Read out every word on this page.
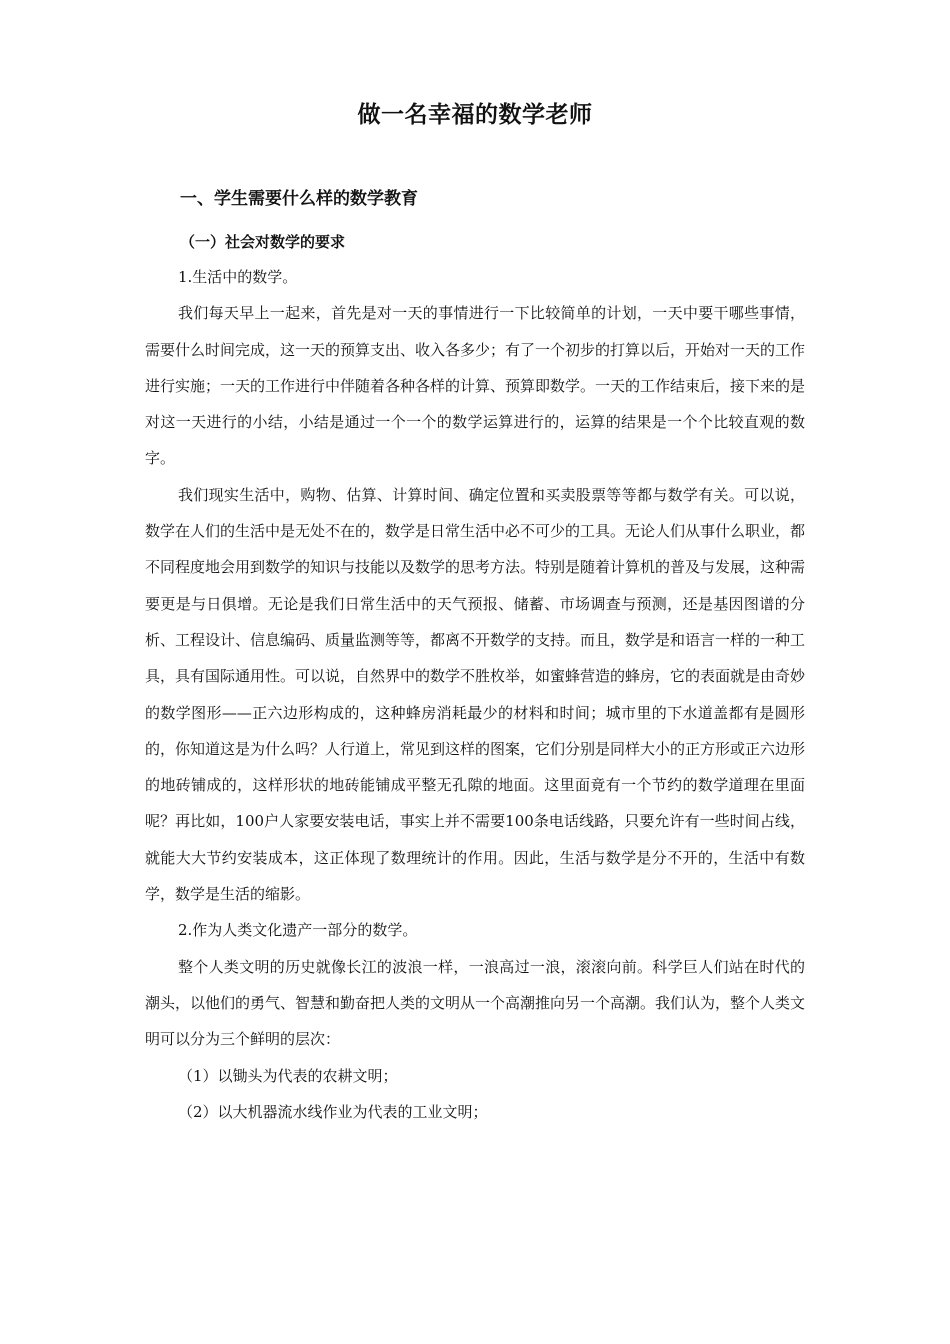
做一名幸福的数学老师
一、学生需要什么样的数学教育
（一）社会对数学的要求

1.生活中的数学。

我们每天早上一起来，首先是对一天的事情进行一下比较简单的计划，一天中要干哪些事情，需要什么时间完成，这一天的预算支出、收入各多少；有了一个初步的打算以后，开始对一天的工作进行实施；一天的工作进行中伴随着各种各样的计算、预算即数学。一天的工作结束后，接下来的是对这一天进行的小结，小结是通过一个一个的数学运算进行的，运算的结果是一个个比较直观的数字。

我们现实生活中，购物、估算、计算时间、确定位置和买卖股票等等都与数学有关。可以说，数学在人们的生活中是无处不在的，数学是日常生活中必不可少的工具。无论人们从事什么职业，都不同程度地会用到数学的知识与技能以及数学的思考方法。特别是随着计算机的普及与发展，这种需要更是与日俱增。无论是我们日常生活中的天气预报、储蓄、市场调查与预测，还是基因图谱的分析、工程设计、信息编码、质量监测等等，都离不开数学的支持。而且，数学是和语言一样的一种工具，具有国际通用性。可以说，自然界中的数学不胜枚举，如蜜蜂营造的蜂房，它的表面就是由奇妙的数学图形——正六边形构成的，这种蜂房消耗最少的材料和时间；城市里的下水道盖都有是圆形的，你知道这是为什么吗？人行道上，常见到这样的图案，它们分别是同样大小的正方形或正六边形的地砖铺成的，这样形状的地砖能铺成平整无孔隙的地面。这里面竟有一个节约的数学道理在里面呢？再比如，100户人家要安装电话，事实上并不需要100条电话线路，只要允许有一些时间占线，就能大大节约安装成本，这正体现了数理统计的作用。因此，生活与数学是分不开的，生活中有数学，数学是生活的缩影。

2.作为人类文化遗产一部分的数学。

整个人类文明的历史就像长江的波浪一样，一浪高过一浪，滚滚向前。科学巨人们站在时代的潮头，以他们的勇气、智慧和勤奋把人类的文明从一个高潮推向另一个高潮。我们认为，整个人类文明可以分为三个鲜明的层次：

（1）以锄头为代表的农耕文明；

（2）以大机器流水线作业为代表的工业文明；
